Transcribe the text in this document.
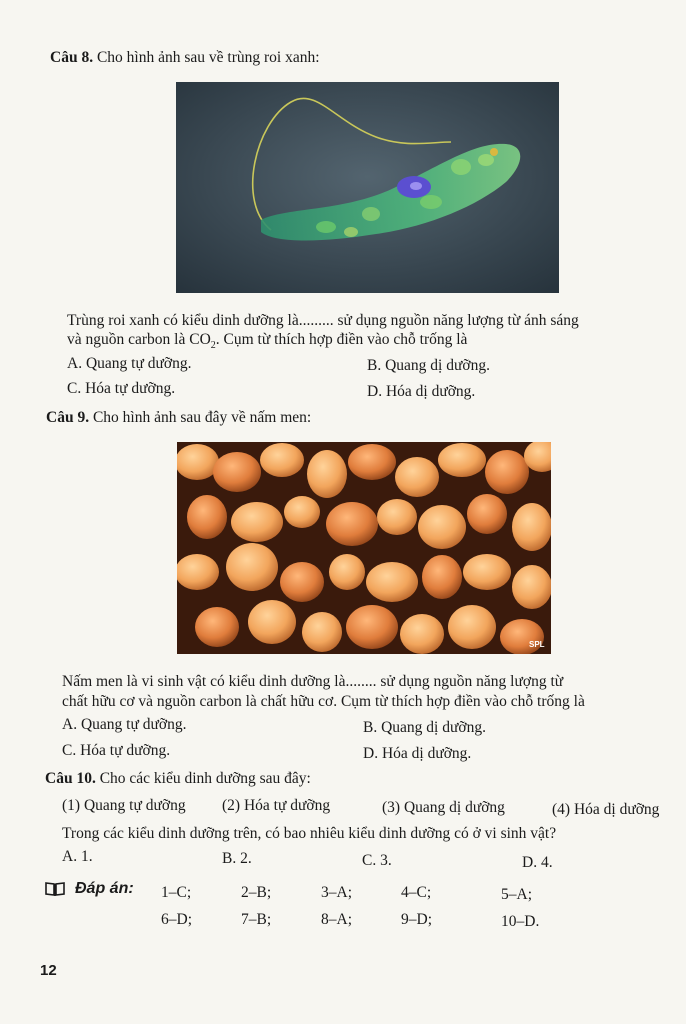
Câu 8. Cho hình ảnh sau về trùng roi xanh:
Trùng roi xanh có kiểu dinh dưỡng là......... sử dụng nguồn năng lượng từ ánh sáng
và nguồn carbon là $CO_2$. Cụm từ thích hợp điền vào chỗ trống là
A. Quang tự dưỡng.	B. Quang dị dưỡng.
C. Hóa tự dưỡng.	D. Hóa dị dưỡng.
Câu 9. Cho hình ảnh sau đây về nấm men:
SPL
Nấm men là vi sinh vật có kiểu dinh dưỡng là........ sử dụng nguồn năng lượng từ
chất hữu cơ và nguồn carbon là chất hữu cơ. Cụm từ thích hợp điền vào chỗ trống là
A. Quang tự dưỡng.	B. Quang dị dưỡng.
C. Hóa tự dưỡng.	D. Hóa dị dưỡng.
Câu 10. Cho các kiểu dinh dưỡng sau đây:
(1) Quang tự dưỡng (2) Hóa tự dưỡng	(3) Quang dị dưỡng	(4) Hóa dị dưỡng
Trong các kiểu dinh dưỡng trên, có bao nhiêu kiểu dinh dưỡng có ở vi sinh vật?
A. 1.	B. 2.	C. 3.	D. 4.
Đáp án: 1–C;	2–B;	3–A;	4–C;	5–A;
6–D;	7–B;	8–A;	9–D;	10–D.
12
